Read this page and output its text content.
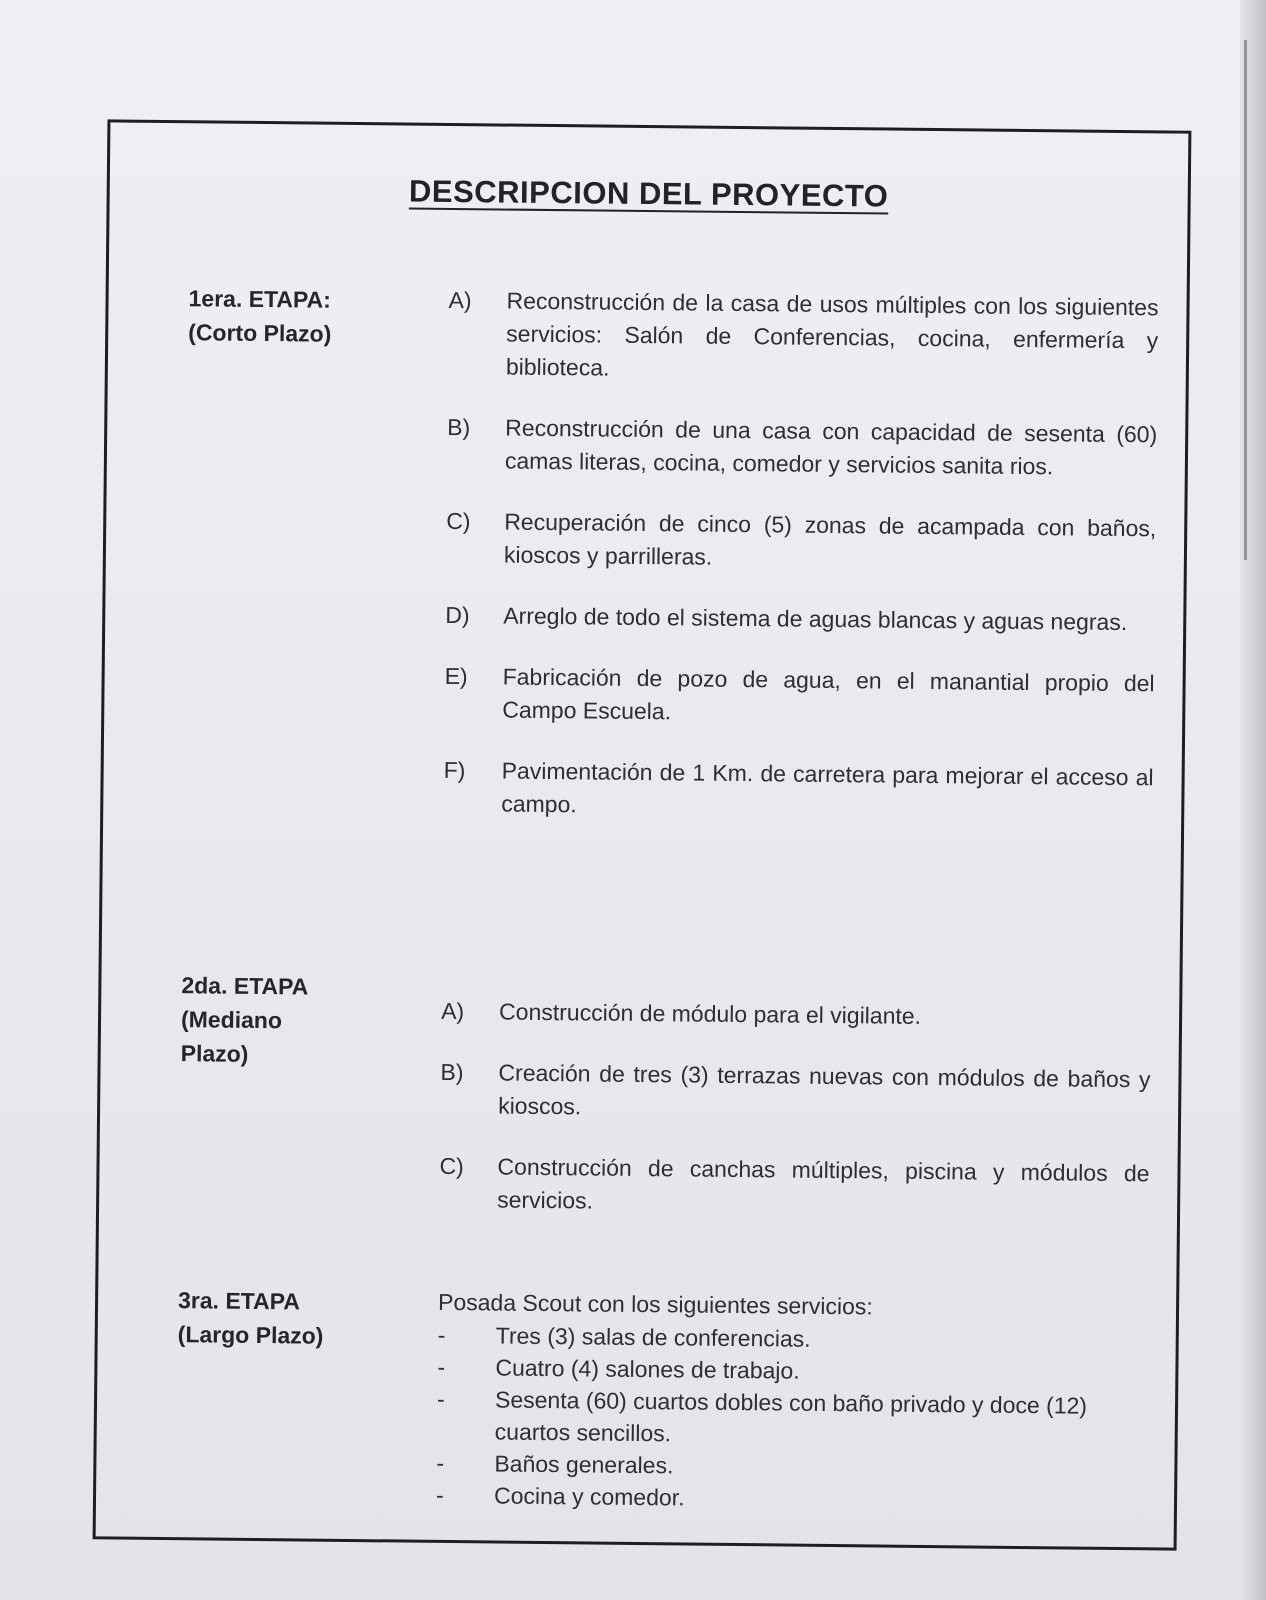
DESCRIPCION DEL PROYECTO
1era. ETAPA:
(Corto Plazo)
A)	Reconstrucción de la casa de usos múltiples con los siguientes servicios: Salón de Conferencias, cocina, enfermería y biblioteca.
B)	Reconstrucción de una casa con capacidad de sesenta (60) camas literas, cocina, comedor y servicios sanita rios.
C)	Recuperación de cinco (5) zonas de acampada con baños, kioscos y parrilleras.
D)	Arreglo de todo el sistema de aguas blancas y aguas negras.
E)	Fabricación de pozo de agua, en el manantial propio del Campo Escuela.
F)	Pavimentación de 1 Km. de carretera para mejorar el acceso al campo.
2da. ETAPA
(Mediano
Plazo)
A)	Construcción de módulo para el vigilante.
B)	Creación de tres (3) terrazas nuevas con módulos de baños y kioscos.
C)	Construcción de canchas múltiples, piscina y módulos de servicios.
3ra. ETAPA
(Largo Plazo)
Posada Scout con los siguientes servicios:
-	Tres (3) salas de conferencias.
-	Cuatro (4) salones de trabajo.
-	Sesenta (60) cuartos dobles con baño privado y doce (12) cuartos sencillos.
-	Baños generales.
-	Cocina y comedor.
